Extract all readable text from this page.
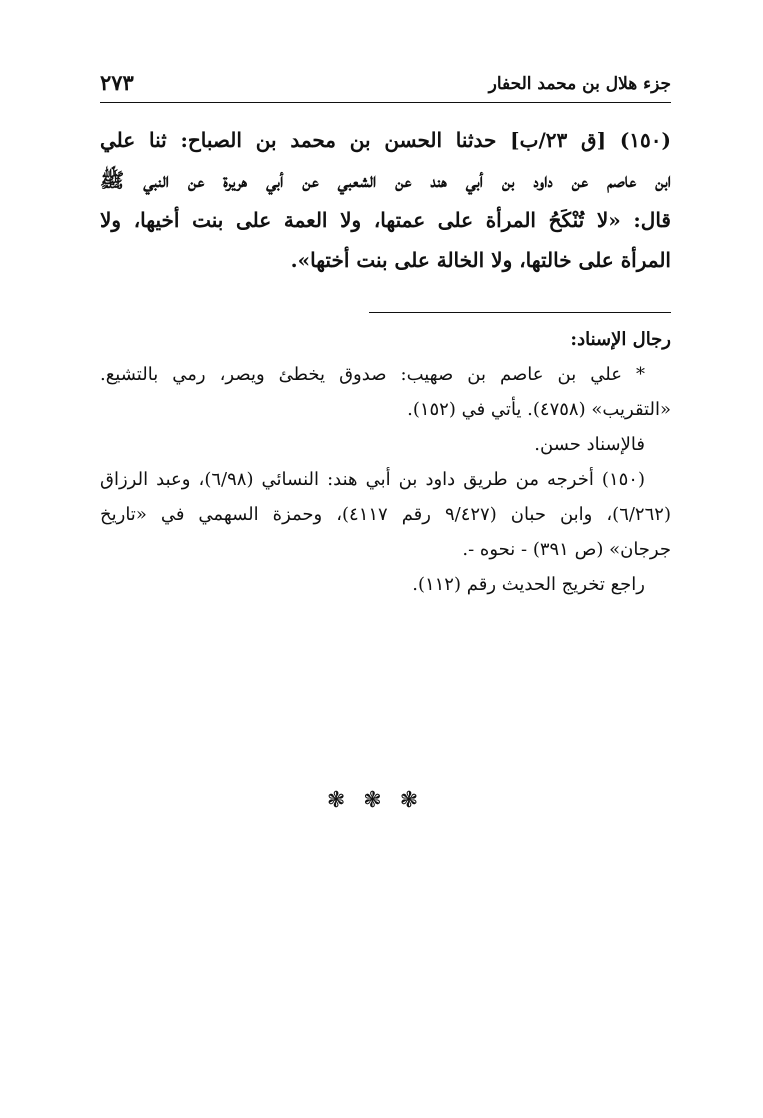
جزء هلال بن محمد الحفار
٢٧٣
(١٥٠) [ق ٢٣/ب] حدثنا الحسن بن محمد بن الصباح: ثنا علي
ابن عاصم عن داود بن أبي هند عن الشعبي عن أبي هريرة عن النبي ﷺ
قال: «لا تُنْكَحُ المرأة على عمتها، ولا العمة على بنت أخيها، ولا
المرأة على خالتها، ولا الخالة على بنت أختها».
رجال الإسناد:
* علي بن عاصم بن صهيب: صدوق يخطئ ويصر، رمي بالتشيع.
«التقريب» (٤٧٥٨). يأتي في (١٥٢).
فالإسناد حسن.
(١٥٠) أخرجه من طريق داود بن أبي هند: النسائي (٦/٩٨)، وعبد الرزاق
(٦/٢٦٢)، وابن حبان (٩/٤٢٧ رقم ٤١١٧)، وحمزة السهمي في «تاريخ
جرجان» (ص ٣٩١) - نحوه -.
راجع تخريج الحديث رقم (١١٢).
❃❃❃
